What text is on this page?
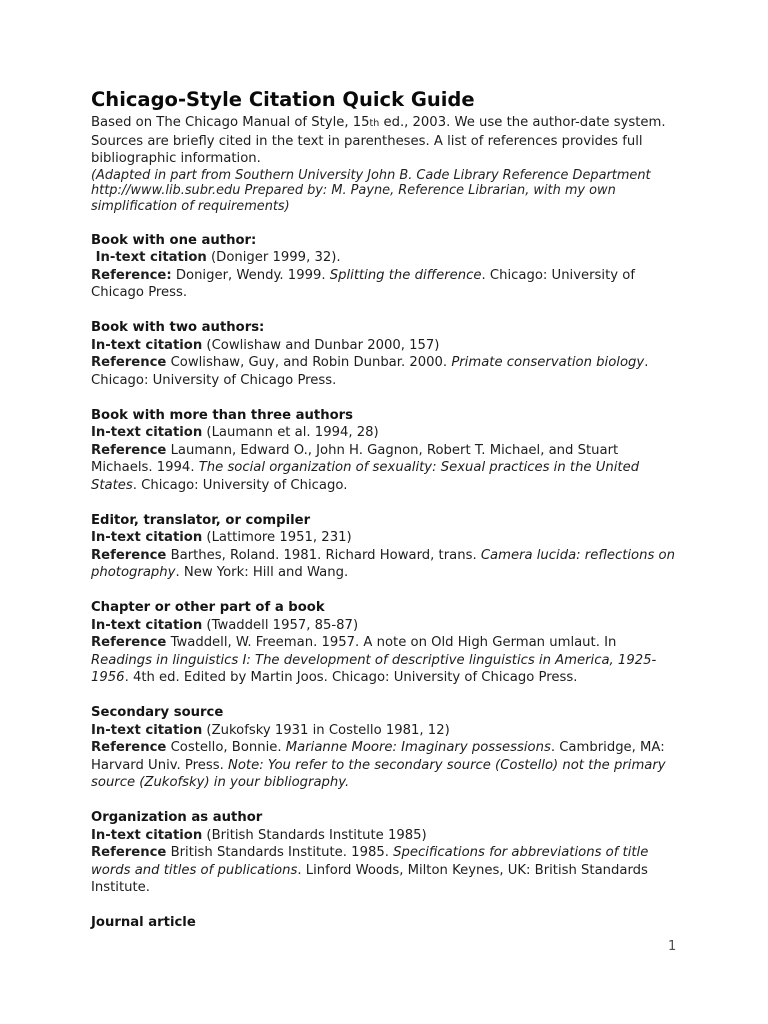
Chicago-Style Citation Quick Guide

Based on The Chicago Manual of Style, 15th ed., 2003. We use the author-date system. Sources are briefly cited in the text in parentheses. A list of references provides full bibliographic information.

(Adapted in part from Southern University John B. Cade Library Reference Department http://www.lib.subr.edu Prepared by: M. Payne, Reference Librarian, with my own simplification of requirements)

Book with one author:

In-text citation (Doniger 1999, 32).

Reference: Doniger, Wendy. 1999. Splitting the difference. Chicago: University of Chicago Press.

Book with two authors:

In-text citation (Cowlishaw and Dunbar 2000, 157)

Reference Cowlishaw, Guy, and Robin Dunbar. 2000. Primate conservation biology. Chicago: University of Chicago Press.

Book with more than three authors

In-text citation (Laumann et al. 1994, 28)

Reference Laumann, Edward O., John H. Gagnon, Robert T. Michael, and Stuart Michaels. 1994. The social organization of sexuality: Sexual practices in the United States. Chicago: University of Chicago.

Editor, translator, or compiler

In-text citation (Lattimore 1951, 231)

Reference Barthes, Roland. 1981. Richard Howard, trans. Camera lucida: reflections on photography. New York: Hill and Wang.

Chapter or other part of a book

In-text citation (Twaddell 1957, 85-87)

Reference Twaddell, W. Freeman. 1957. A note on Old High German umlaut. In Readings in linguistics I: The development of descriptive linguistics in America, 1925-1956. 4th ed. Edited by Martin Joos. Chicago: University of Chicago Press.

Secondary source

In-text citation (Zukofsky 1931 in Costello 1981, 12)

Reference Costello, Bonnie. Marianne Moore: Imaginary possessions. Cambridge, MA: Harvard Univ. Press. Note: You refer to the secondary source (Costello) not the primary source (Zukofsky) in your bibliography.

Organization as author

In-text citation (British Standards Institute 1985)

Reference British Standards Institute. 1985. Specifications for abbreviations of title words and titles of publications. Linford Woods, Milton Keynes, UK: British Standards Institute.

Journal article

1
